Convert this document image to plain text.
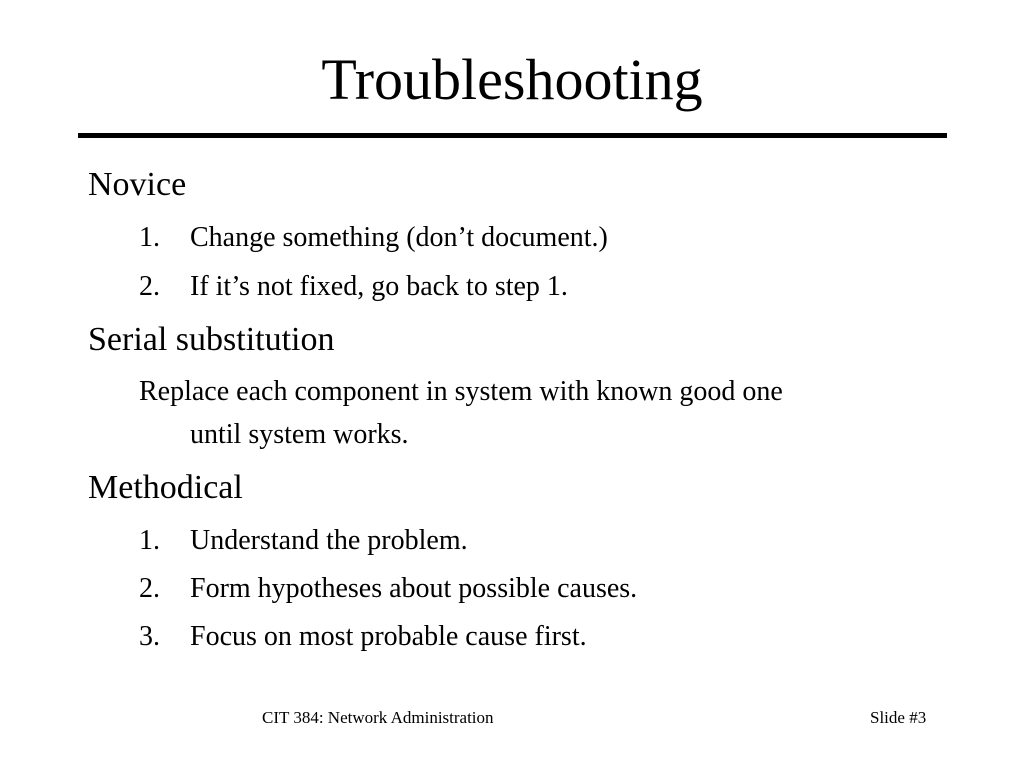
Troubleshooting
Novice
1. Change something (don’t document.)
2. If it’s not fixed, go back to step 1.
Serial substitution
Replace each component in system with known good one
until system works.
Methodical
1. Understand the problem.
2. Form hypotheses about possible causes.
3. Focus on most probable cause first.
CIT 384: Network Administration	Slide #3
